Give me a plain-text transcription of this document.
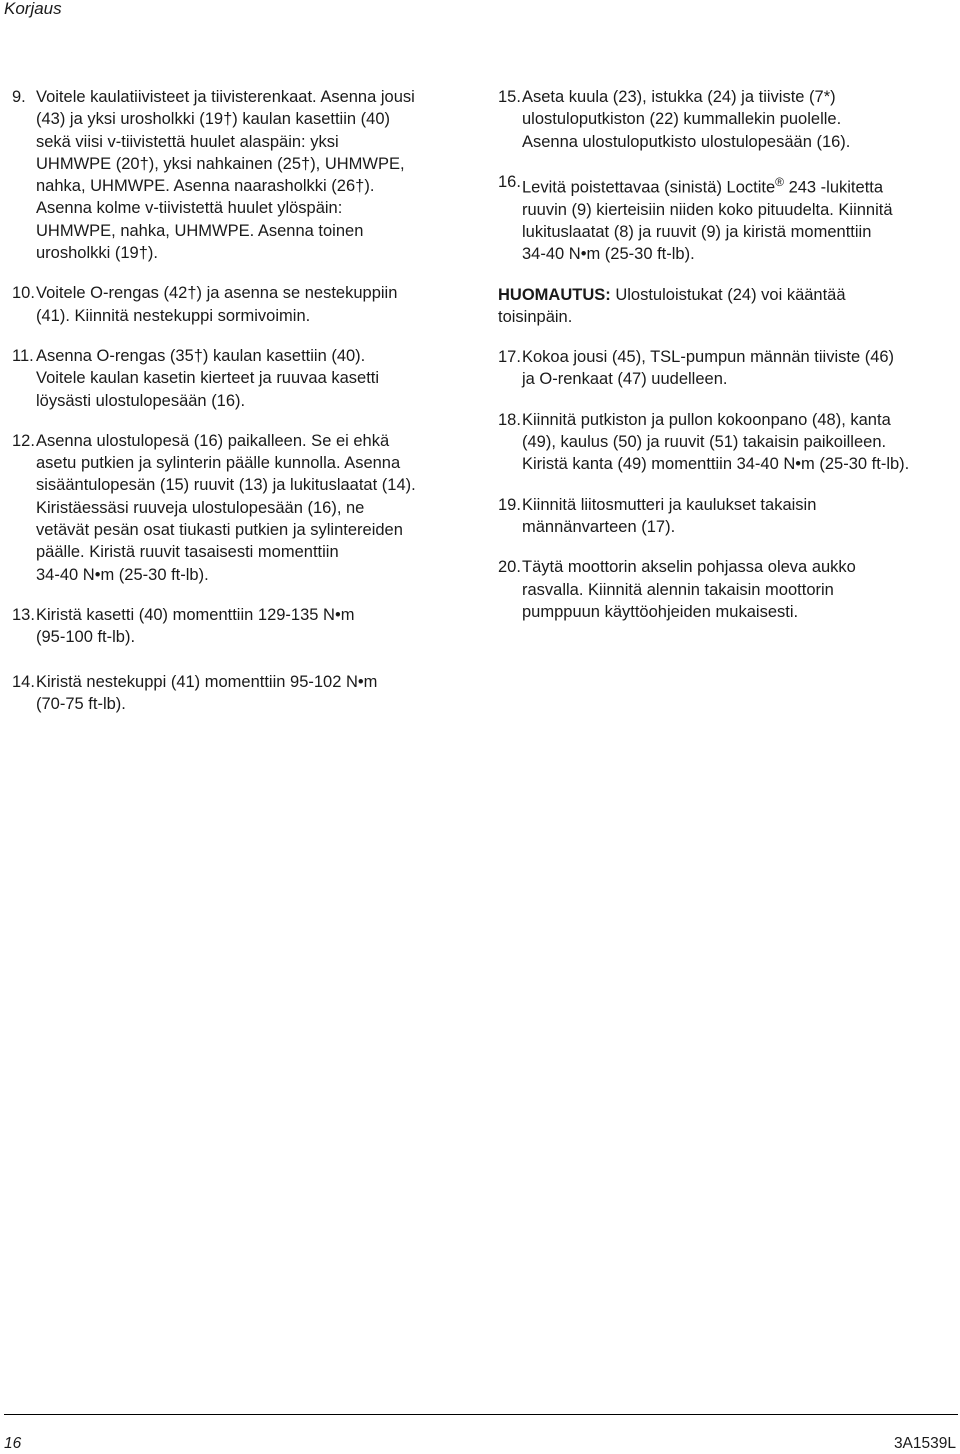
Korjaus
9. Voitele kaulatiivisteet ja tiivisterenkaat. Asenna jousi
(43) ja yksi urosholkki (19†) kaulan kasettiin (40)
sekä viisi v-tiivistettä huulet alaspäin: yksi
UHMWPE (20†), yksi nahkainen (25†), UHMWPE,
nahka, UHMWPE. Asenna naarasholkki (26†).
Asenna kolme v-tiivistettä huulet ylöspäin:
UHMWPE, nahka, UHMWPE. Asenna toinen
urosholkki (19†).
10. Voitele O-rengas (42†) ja asenna se nestekuppiin
(41). Kiinnitä nestekuppi sormivoimin.
11. Asenna O-rengas (35†) kaulan kasettiin (40).
Voitele kaulan kasetin kierteet ja ruuvaa kasetti
löysästi ulostulopesään (16).
12. Asenna ulostulopesä (16) paikalleen. Se ei ehkä
asetu putkien ja sylinterin päälle kunnolla. Asenna
sisääntulopesän (15) ruuvit (13) ja lukituslaatat (14).
Kiristäessäsi ruuveja ulostulopesään (16), ne
vetävät pesän osat tiukasti putkien ja sylintereiden
päälle. Kiristä ruuvit tasaisesti momenttiin
34-40 N•m (25-30 ft-lb).
13. Kiristä kasetti (40) momenttiin 129-135 N•m
(95-100 ft-lb).
14. Kiristä nestekuppi (41) momenttiin 95-102 N•m
(70-75 ft-lb).
15. Aseta kuula (23), istukka (24) ja tiiviste (7*)
ulostuloputkiston (22) kummallekin puolelle.
Asenna ulostuloputkisto ulostulopesään (16).
16. Levitä poistettavaa (sinistä) Loctite® 243 -lukitetta
ruuvin (9) kierteisiin niiden koko pituudelta. Kiinnitä
lukituslaatat (8) ja ruuvit (9) ja kiristä momenttiin
34-40 N•m (25-30 ft-lb).
HUOMAUTUS: Ulostuloistukat (24) voi kääntää
toisinpäin.
17. Kokoa jousi (45), TSL-pumpun männän tiiviste (46)
ja O-renkaat (47) uudelleen.
18. Kiinnitä putkiston ja pullon kokoonpano (48), kanta
(49), kaulus (50) ja ruuvit (51) takaisin paikoilleen.
Kiristä kanta (49) momenttiin 34-40 N•m (25-30 ft-lb).
19. Kiinnitä liitosmutteri ja kaulukset takaisin
männänvarteen (17).
20. Täytä moottorin akselin pohjassa oleva aukko
rasvalla. Kiinnitä alennin takaisin moottorin
pumppuun käyttöohjeiden mukaisesti.
16	3A1539L
